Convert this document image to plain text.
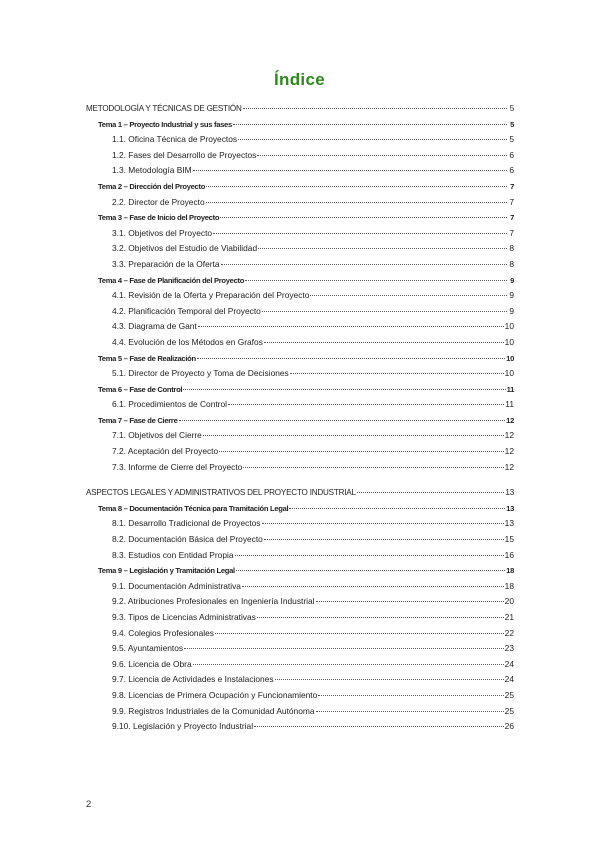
Índice
METODOLOGÍA Y TÉCNICAS DE GESTIÓN	5
Tema 1 – Proyecto Industrial y sus fases	5
1.1. Oficina Técnica de Proyectos	5
1.2. Fases del Desarrollo de Proyectos	6
1.3. Metodología BIM	6
Tema 2 – Dirección del Proyecto	7
2.2. Director de Proyecto	7
Tema 3 – Fase de Inicio del Proyecto	7
3.1. Objetivos del Proyecto	7
3.2. Objetivos del Estudio de Viabilidad	8
3.3. Preparación de la Oferta	8
Tema 4 – Fase de Planificación del Proyecto	9
4.1. Revisión de la Oferta y Preparación del Proyecto	9
4.2. Planificación Temporal del Proyecto	9
4.3. Diagrama de Gant	10
4.4. Evolución de los Métodos en Grafos	10
Tema 5 – Fase de Realización	10
5.1. Director de Proyecto y Toma de Decisiones	10
Tema 6 – Fase de Control	11
6.1. Procedimientos de Control	11
Tema 7 – Fase de Cierre	12
7.1. Objetivos del Cierre	12
7.2. Aceptación del Proyecto	12
7.3. Informe de Cierre del Proyecto	12
ASPECTOS LEGALES Y ADMINISTRATIVOS DEL PROYECTO INDUSTRIAL	13
Tema 8 – Documentación Técnica para Tramitación Legal	13
8.1. Desarrollo Tradicional de Proyectos	13
8.2. Documentación Básica del Proyecto	15
8.3. Estudios con Entidad Propia	16
Tema 9 – Legislación y Tramitación Legal	18
9.1. Documentación Administrativa	18
9.2. Atribuciones Profesionales en Ingeniería Industrial	20
9.3. Tipos de Licencias Administrativas	21
9.4. Colegios Profesionales	22
9.5. Ayuntamientos	23
9.6. Licencia de Obra	24
9.7. Licencia de Actividades e Instalaciones	24
9.8. Licencias de Primera Ocupación y Funcionamiento	25
9.9. Registros Industriales de la Comunidad Autónoma	25
9.10. Legislación y Proyecto Industrial	26
2
